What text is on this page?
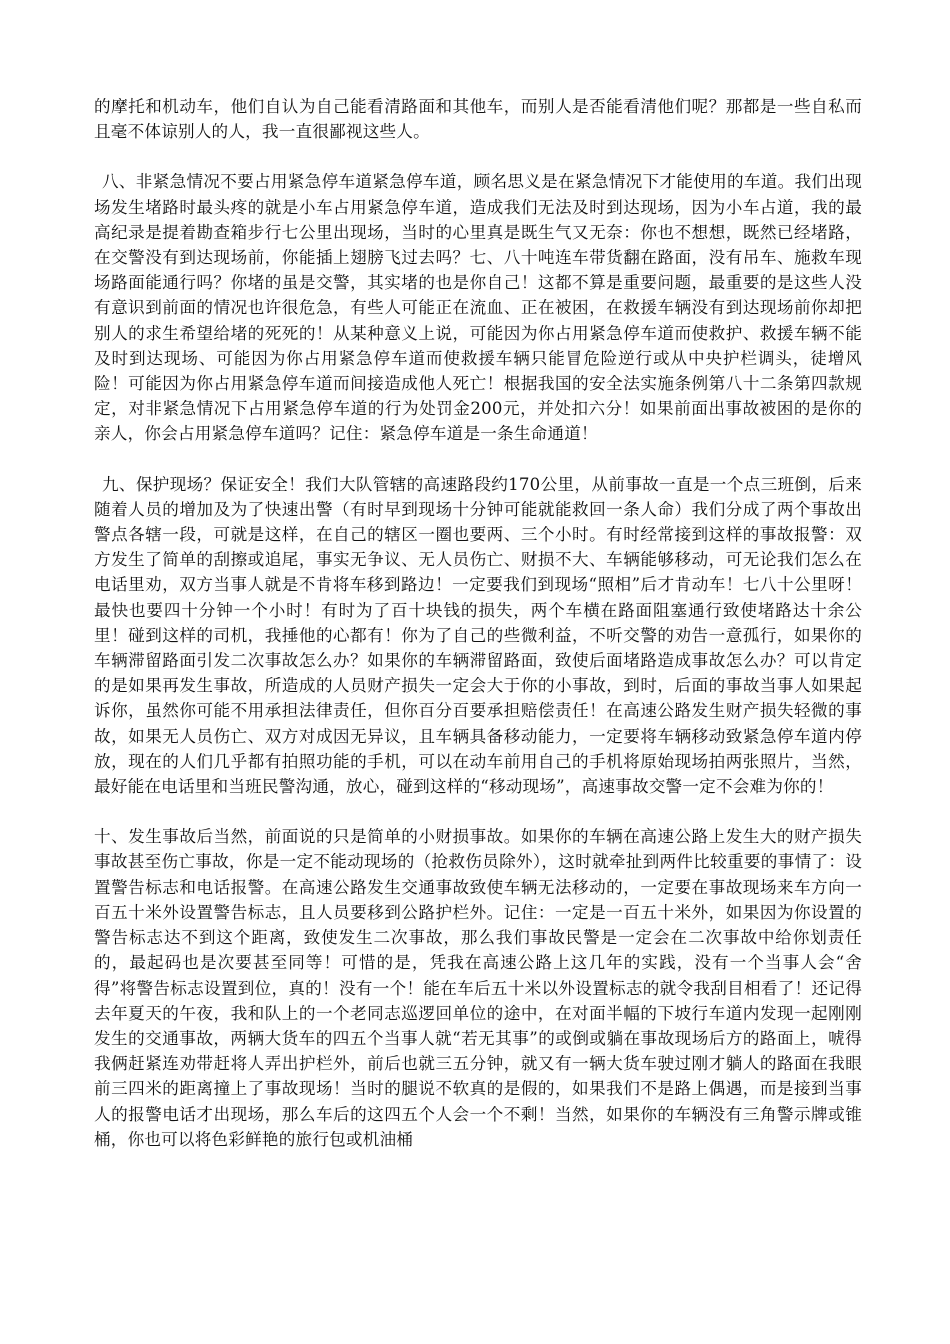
的摩托和机动车，他们自认为自己能看清路面和其他车，而别人是否能看清他们呢？那都是一些自私而且毫不体谅别人的人，我一直很鄙视这些人。

八、非紧急情况不要占用紧急停车道紧急停车道，顾名思义是在紧急情况下才能使用的车道。我们出现场发生堵路时最头疼的就是小车占用紧急停车道，造成我们无法及时到达现场，因为小车占道，我的最高纪录是提着勘查箱步行七公里出现场，当时的心里真是既生气又无奈：你也不想想，既然已经堵路，在交警没有到达现场前，你能插上翅膀飞过去吗？七、八十吨连车带货翻在路面，没有吊车、施救车现场路面能通行吗？你堵的虽是交警，其实堵的也是你自己！这都不算是重要问题，最重要的是这些人没有意识到前面的情况也许很危急，有些人可能正在流血、正在被困，在救援车辆没有到达现场前你却把别人的求生希望给堵的死死的！从某种意义上说，可能因为你占用紧急停车道而使救护、救援车辆不能及时到达现场、可能因为你占用紧急停车道而使救援车辆只能冒危险逆行或从中央护栏调头，徒增风险！可能因为你占用紧急停车道而间接造成他人死亡！根据我国的安全法实施条例第八十二条第四款规定，对非紧急情况下占用紧急停车道的行为处罚金200元，并处扣六分！如果前面出事故被困的是你的亲人，你会占用紧急停车道吗？记住：紧急停车道是一条生命通道！

九、保护现场？保证安全！我们大队管辖的高速路段约170公里，从前事故一直是一个点三班倒，后来随着人员的增加及为了快速出警（有时早到现场十分钟可能就能救回一条人命）我们分成了两个事故出警点各辖一段，可就是这样，在自己的辖区一圈也要两、三个小时。有时经常接到这样的事故报警：双方发生了简单的刮擦或追尾，事实无争议、无人员伤亡、财损不大、车辆能够移动，可无论我们怎么在电话里劝，双方当事人就是不肯将车移到路边！一定要我们到现场“照相”后才肯动车！七八十公里呀！最快也要四十分钟一个小时！有时为了百十块钱的损失，两个车横在路面阻塞通行致使堵路达十余公里！碰到这样的司机，我捶他的心都有！你为了自己的些微利益，不听交警的劝告一意孤行，如果你的车辆滞留路面引发二次事故怎么办？如果你的车辆滞留路面，致使后面堵路造成事故怎么办？可以肯定的是如果再发生事故，所造成的人员财产损失一定会大于你的小事故，到时，后面的事故当事人如果起诉你，虽然你可能不用承担法律责任，但你百分百要承担赔偿责任！在高速公路发生财产损失轻微的事故，如果无人员伤亡、双方对成因无异议，且车辆具备移动能力，一定要将车辆移动致紧急停车道内停放，现在的人们几乎都有拍照功能的手机，可以在动车前用自己的手机将原始现场拍两张照片，当然，最好能在电话里和当班民警沟通，放心，碰到这样的“移动现场”，高速事故交警一定不会难为你的！

十、发生事故后当然，前面说的只是简单的小财损事故。如果你的车辆在高速公路上发生大的财产损失事故甚至伤亡事故，你是一定不能动现场的（抢救伤员除外），这时就牵扯到两件比较重要的事情了：设置警告标志和电话报警。在高速公路发生交通事故致使车辆无法移动的，一定要在事故现场来车方向一百五十米外设置警告标志，且人员要移到公路护栏外。记住：一定是一百五十米外，如果因为你设置的警告标志达不到这个距离，致使发生二次事故，那么我们事故民警是一定会在二次事故中给你划责任的，最起码也是次要甚至同等！可惜的是，凭我在高速公路上这几年的实践，没有一个当事人会“舍得”将警告标志设置到位，真的！没有一个！能在车后五十米以外设置标志的就令我刮目相看了！还记得去年夏天的午夜，我和队上的一个老同志巡逻回单位的途中，在对面半幅的下坡行车道内发现一起刚刚发生的交通事故，两辆大货车的四五个当事人就“若无其事”的或倒或躺在事故现场后方的路面上，唬得我俩赶紧连劝带赶将人弄出护栏外，前后也就三五分钟，就又有一辆大货车驶过刚才躺人的路面在我眼前三四米的距离撞上了事故现场！当时的腿说不软真的是假的，如果我们不是路上偶遇，而是接到当事人的报警电话才出现场，那么车后的这四五个人会一个不剩！当然，如果你的车辆没有三角警示牌或锥桶，你也可以将色彩鲜艳的旅行包或机油桶
